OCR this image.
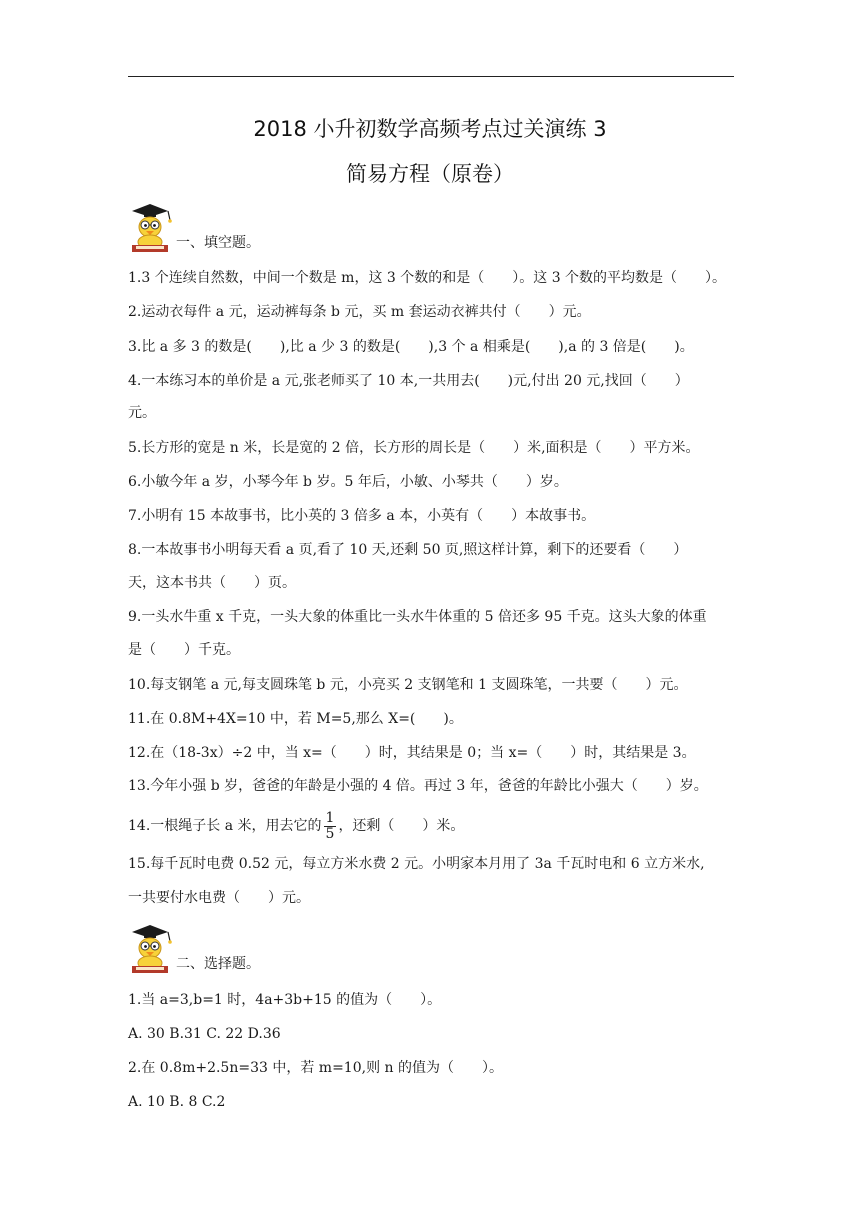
2018 小升初数学高频考点过关演练 3
简易方程（原卷）
一、填空题。
1.3 个连续自然数，中间一个数是 m，这 3 个数的和是（　　）。这 3 个数的平均数是（　　）。
2.运动衣每件 a 元，运动裤每条 b 元，买 m 套运动衣裤共付（　　）元。
3.比 a 多 3 的数是(　　),比 a 少 3 的数是(　　),3 个 a 相乘是(　　),a 的 3 倍是(　　)。
4.一本练习本的单价是 a 元,张老师买了 10 本,一共用去(　　)元,付出 20 元,找回（　　）
元。
5.长方形的宽是 n 米，长是宽的 2 倍，长方形的周长是（　　）米,面积是（　　）平方米。
6.小敏今年 a 岁，小琴今年 b 岁。5 年后，小敏、小琴共（　　）岁。
7.小明有 15 本故事书，比小英的 3 倍多 a 本，小英有（　　）本故事书。
8.一本故事书小明每天看 a 页,看了 10 天,还剩 50 页,照这样计算，剩下的还要看（　　）
天，这本书共（　　）页。
9.一头水牛重 x 千克，一头大象的体重比一头水牛体重的 5 倍还多 95 千克。这头大象的体重
是（　　）千克。
10.每支钢笔 a 元,每支圆珠笔 b 元，小亮买 2 支钢笔和 1 支圆珠笔，一共要（　　）元。
11.在 0.8M+4X=10 中，若 M=5,那么 X=(　　)。
12.在（18-3x）÷2 中，当 x=（　　）时，其结果是 0；当 x=（　　）时，其结果是 3。
13.今年小强 b 岁，爸爸的年龄是小强的 4 倍。再过 3 年，爸爸的年龄比小强大（　　）岁。
14.一根绳子长 a 米，用去它的 $\frac{1}{5}$ ，还剩（　　）米。
15.每千瓦时电费 0.52 元，每立方米水费 2 元。小明家本月用了 3a 千瓦时电和 6 立方米水,
一共要付水电费（　　）元。
二、选择题。
1.当 a=3,b=1 时，4a+3b+15 的值为（　　）。
A. 30 B.31 C. 22 D.36
2.在 0.8m+2.5n=33 中，若 m=10,则 n 的值为（　　）。
A. 10 B. 8 C.2
